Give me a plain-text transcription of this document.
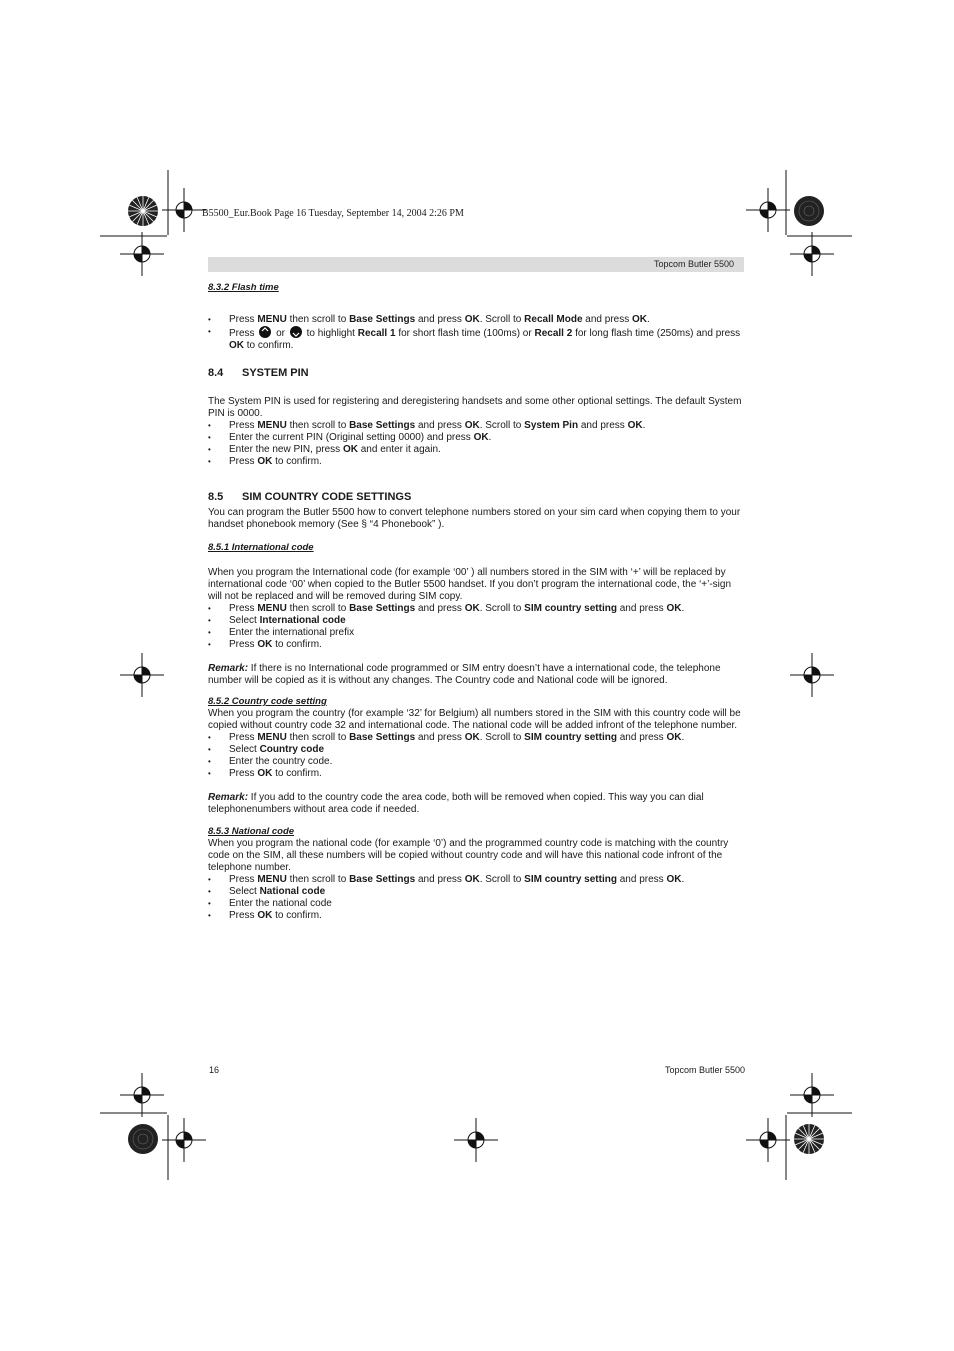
B5500_Eur.Book Page 16 Tuesday, September 14, 2004 2:26 PM
Topcom Butler 5500

8.3.2 Flash time

• Press MENU then scroll to Base Settings and press OK. Scroll to Recall Mode and press OK.
• Press  or  to highlight Recall 1 for short flash time (100ms) or Recall 2 for long flash time (250ms) and press OK to confirm.
8.4	SYSTEM PIN

The System PIN is used for registering and deregistering handsets and some other optional settings. The default System PIN is 0000.

• Press MENU then scroll to Base Settings and press OK. Scroll to System Pin and press OK.
• Enter the current PIN (Original setting 0000) and press OK.
• Enter the new PIN, press OK and enter it again.
• Press OK to confirm.
8.5	SIM COUNTRY CODE SETTINGS

You can program the Butler 5500 how to convert telephone numbers stored on your sim card when copying them to your handset phonebook memory (See § “4 Phonebook” ).

8.5.1 International code

When you program the International code (for example ‘00’ ) all numbers stored in the SIM with ‘+’ will be replaced by international code ‘00’ when copied to the Butler 5500 handset. If you don’t program the international code, the ‘+’-sign will not be replaced and will be removed during SIM copy.

• Press MENU then scroll to Base Settings and press OK. Scroll to SIM country setting and press OK.
• Select International code
• Enter the international prefix
• Press OK to confirm.

Remark: If there is no International code programmed or SIM entry doesn’t have a international code, the telephone number will be copied as it is without any changes. The Country code and National code will be ignored.

8.5.2 Country code setting

When you program the country (for example ‘32’ for Belgium) all numbers stored in the SIM with this country code will be copied without country code 32 and international code. The national code will be added infront of the telephone number.

• Press MENU then scroll to Base Settings and press OK. Scroll to SIM country setting and press OK.
• Select Country code
• Enter the country code.
• Press OK to confirm.

Remark: If you add to the country code the area code, both will be removed when copied. This way you can dial telephonenumbers without area code if needed.

8.5.3 National code

When you program the national code (for example ‘0’) and the programmed country code is matching with the country code on the SIM, all these numbers will be copied without country code and will have this national code infront of the telephone number.

• Press MENU then scroll to Base Settings and press OK. Scroll to SIM country setting and press OK.
• Select National code
• Enter the national code
• Press OK to confirm.
16	Topcom Butler 5500
